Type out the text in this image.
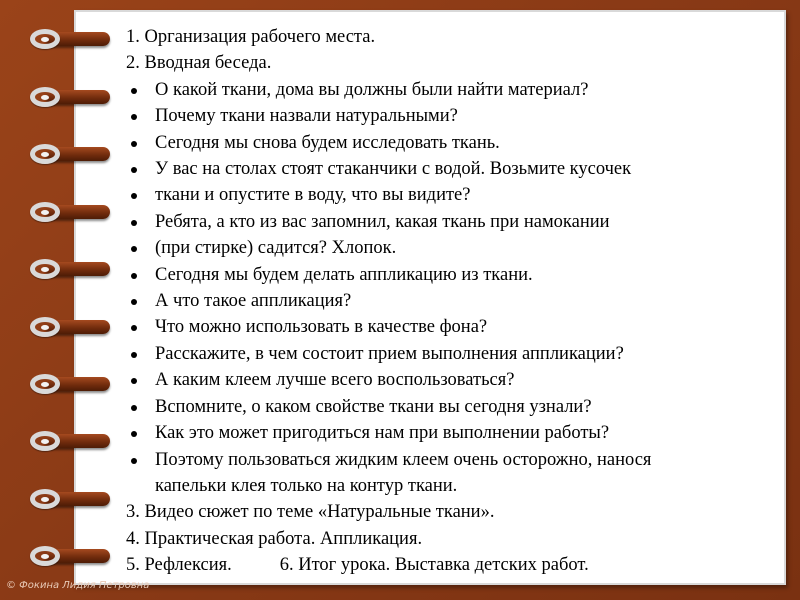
1. Организация рабочего места.
2. Вводная беседа.
О какой ткани, дома вы должны были найти материал?
Почему ткани назвали натуральными?
Сегодня мы снова будем исследовать ткань.
У вас на столах стоят стаканчики с водой. Возьмите кусочек
ткани и опустите в воду, что вы видите?
Ребята, а кто из вас запомнил, какая ткань при намокании
(при стирке) садится? Хлопок.
Сегодня мы будем делать аппликацию из ткани.
А что такое аппликация?
Что можно использовать в качестве фона?
Расскажите, в чем состоит прием выполнения аппликации?
А каким клеем лучше всего воспользоваться?
Вспомните, о каком свойстве ткани вы сегодня узнали?
Как это может пригодиться нам при выполнении работы?
Поэтому пользоваться жидким клеем очень осторожно, нанося
капельки клея только на контур ткани.
3. Видео сюжет по теме «Натуральные ткани».
4. Практическая работа. Аппликация.
5. Рефлексия.	6. Итог урока. Выставка детских работ.
© Фокина Лидия Петровна
